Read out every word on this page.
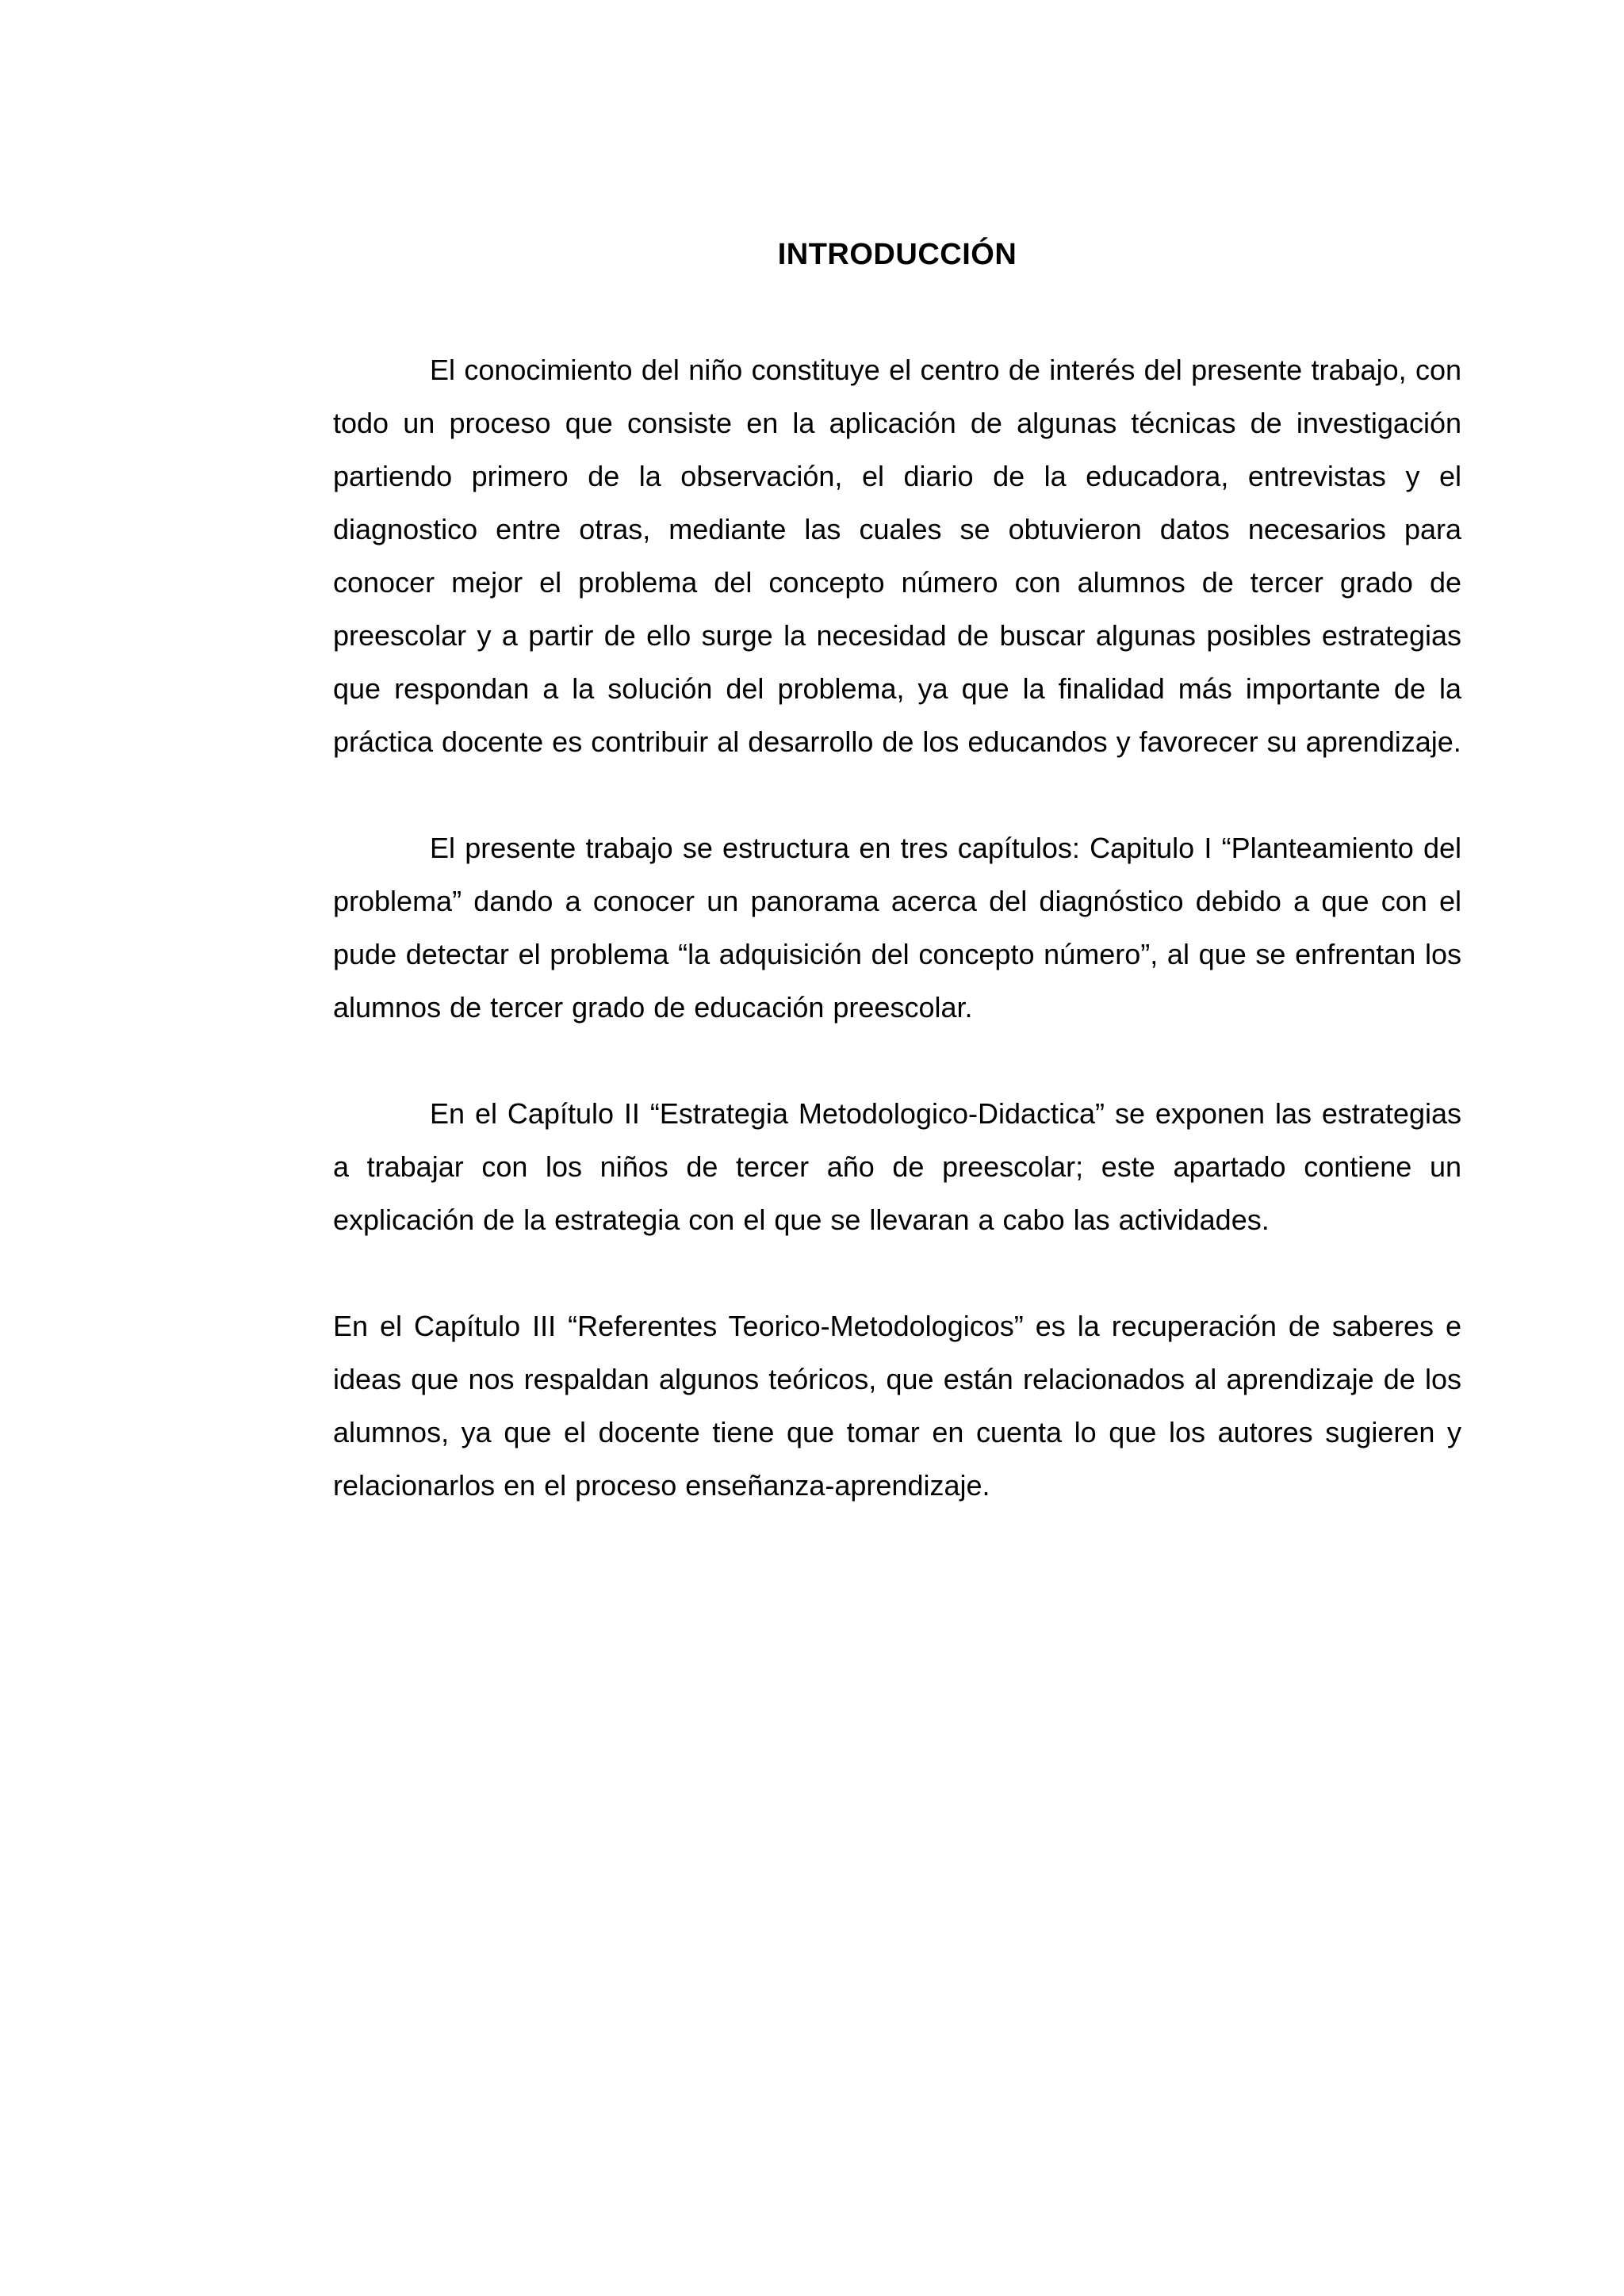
INTRODUCCIÓN

El conocimiento del niño constituye el centro de interés del presente trabajo, con todo un proceso que consiste en la aplicación de algunas técnicas de investigación partiendo primero de la observación, el diario de la educadora, entrevistas y el diagnostico entre otras, mediante las cuales se obtuvieron datos necesarios para conocer mejor el problema del concepto número con alumnos de tercer grado de preescolar y a partir de ello surge la necesidad de buscar algunas posibles estrategias que respondan a la solución del problema, ya que la finalidad más importante de la práctica docente es contribuir al desarrollo de los educandos y favorecer su aprendizaje.

El presente trabajo se estructura en tres capítulos: Capitulo I “Planteamiento del problema” dando a conocer un panorama acerca del diagnóstico debido a que con el pude detectar el problema “la adquisición del concepto número”, al que se enfrentan los alumnos de tercer grado de educación preescolar.

En el Capítulo II “Estrategia Metodologico-Didactica” se exponen las estrategias a trabajar con los niños de tercer año de preescolar; este apartado contiene un explicación de la estrategia con el que se llevaran a cabo las actividades.

En el Capítulo III “Referentes Teorico-Metodologicos” es la recuperación de saberes e ideas que nos respaldan algunos teóricos, que están relacionados al aprendizaje de los alumnos, ya que el docente tiene que tomar en cuenta lo que los autores sugieren y relacionarlos en el proceso enseñanza-aprendizaje.
